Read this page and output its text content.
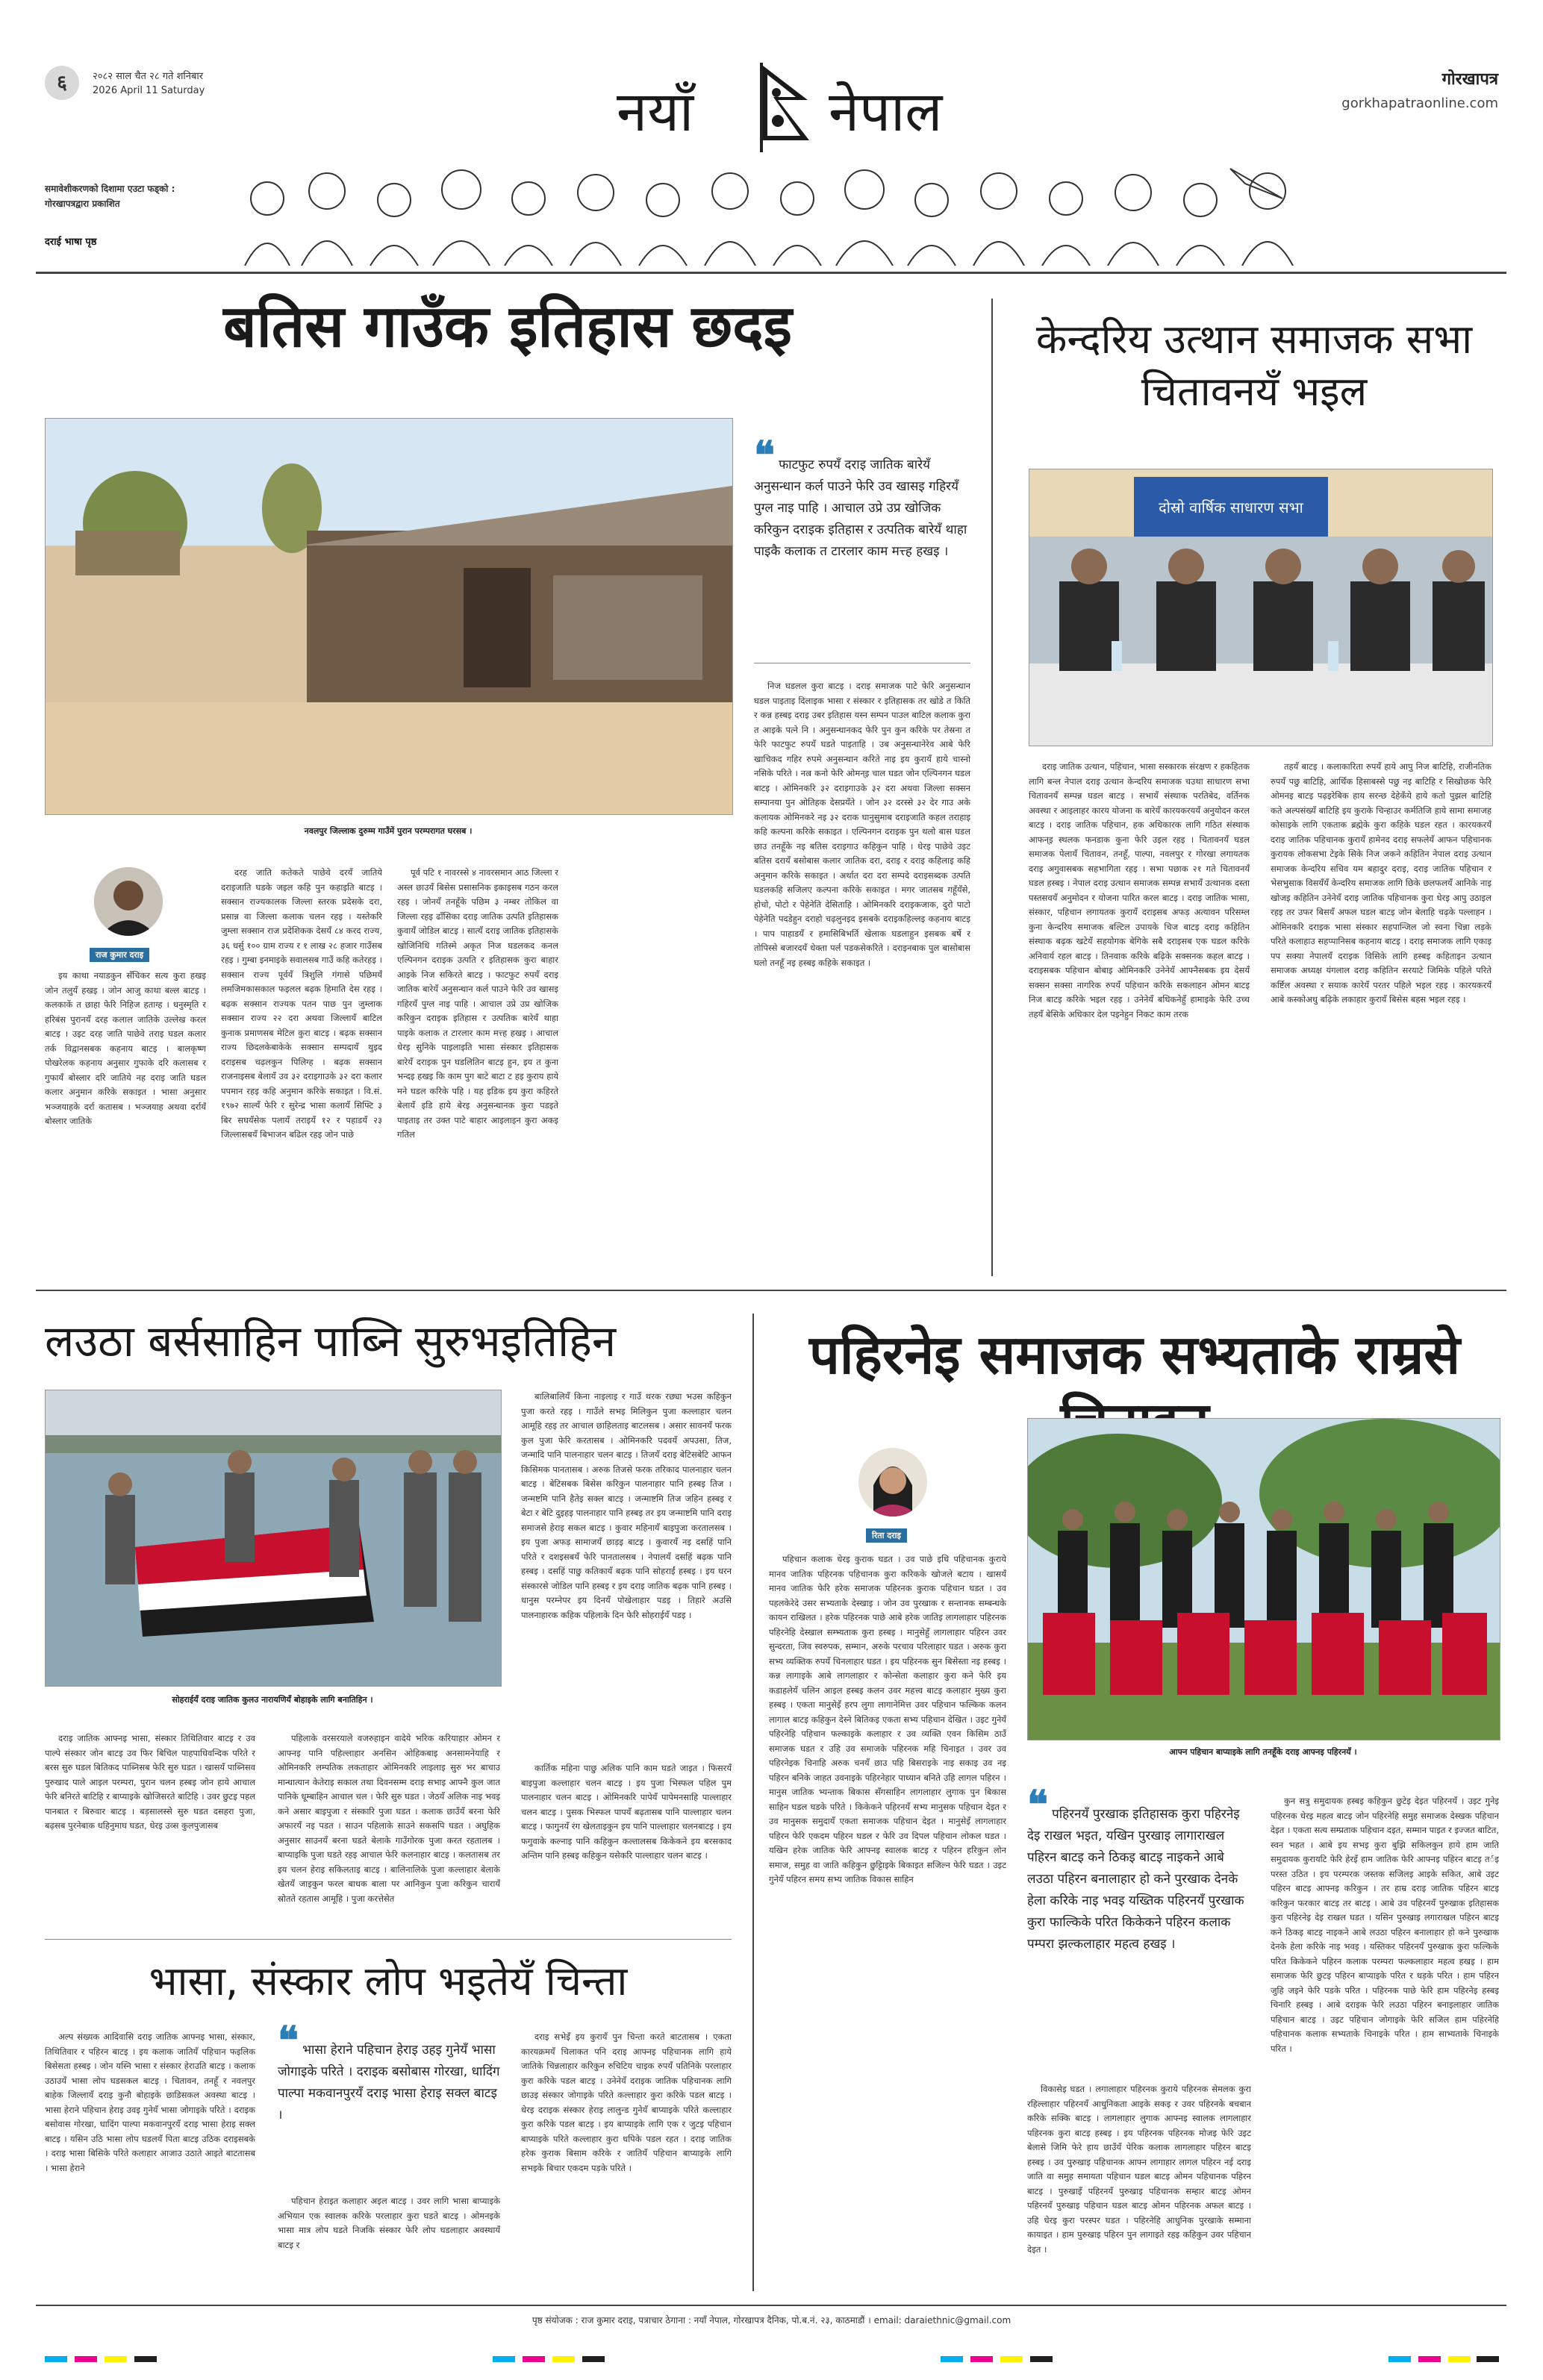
६	२०८२ साल चैत २८ गते शनिबार
2026 April 11 Saturday	नयाँ नेपाल
गोरखापत्र
gorkhapatraonline.com
समावेशीकरणको दिशामा एउटा फड्को :
गोरखापत्रद्वारा प्रकाशित
दराई भाषा पृष्ठ
बतिस गाउँक इतिहास छदइ
नवलपुर जिल्लाक दुरुम्म गाउँमें पुरान परम्परागत घरसब ।
राज कुमार दराइ

इय काथा नयाडकुन सँचिकर सत्य कुरा हखइ जोन तलुयँ हखइ । जोन आजु काथा बल्ल बाटइ । कलकाकें त छाहा फेरि निहिज हताग्ह । धनुस्मृति र हरिबंस पुरानयँ दरह कलाल जातिके उल्लेख करल बाटइ । उइट दरह जाति पाछेवे तराइ घडल कलार तर्क विद्वानसबक कहनाय बाटइ । बालकृष्ण पोखरेलक कहनाय अनुसार गुफाके दरि कलासब र गुफायँ बोस्लार दरि जातिये नह दराइ जाति घडल कलार अनुमान करिके सकाइत । भासा अनुसार भञ्जयाहके दर्रा कतासब । भञ्जयाह अथवा दर्रायँ बोस्लार जातिके

दरह जाति कतेकते पाछेवे दरयँ जातिये दराइजाति घडके जइल कहि पुन कहाइति बाटइ । सक्सान राज्यकालक जिल्ला स्तरक प्रदेसके दरा, प्रसान्न वा जिल्ला कलाक चलन रहइ । यस्तेकरि जुम्ला सक्सान राज प्रदेशिकक देसयँ ८४ करद राज्य, ३६ धर्सु १०० ग्राम राज्य र १ लाख २८ हजार गाउँसब रहइ । गुम्बा इनमाइके सवालसब गाउँ कहि कतेरहइ । सक्सान राज्य पूर्वयँ त्रिशुलि गंगासे पछिमयँ लमजिमकासकाल फइलल बढ़क हिमाति देस रहइ । बढ़क सक्सान राज्यक पतन पाछ पुन जुम्लाक सक्सान राज्य २२ दरा अथवा जिल्लायँ बाटिल कुनाक प्रमाणसब मेटिल कुरा बाटइ । बढ़क सक्सान राज्य छिदलकेबाकेके सक्सान सम्पदायँ थुइद दराइसब चढ़लकुन पिलिग्ह । बढ़क सक्सान राजनाइसब बेलायँ उव ३२ दराइगाउके ३२ दरा कलार पपमान रहइ कहि अनुमान करिके सकाइत । वि.सं. १९७२ साल्यँ फेरि र सुरेन्द्र भासा कलायँ सिफ्टि ३ बिर सघयँसेक पलायँ तराइयँ १२ र पहाडयँ २३ जिल्लासबयँ बिभाजन बढिल रहइ जोन पाछे

पूर्व पटि १ नावरस्से ४ नावरसमान आठ जिल्ला र अस्ल छाउयँ बिसेस प्रसासनिक इकाइसब गठन करल रहइ । जोनयँ तनहूँके पछिम ३ नम्बर तोकिल वा जिल्ला रहइ ढाँसिका दराइ जातिक उत्पति इतिहासक कुवायँ जोडिल बाटइ । सात्यँ दराइ जातिक इतिहासके खोजिनिधि गतिस्मे अकृत निज घडलकद कनल एल्पिनगन दराइक उत्पति र इतिहासक कुरा बाहार आइके निज सकिरते बाटइ । फाटफुट रुपयँ दराइ जातिक बारेयँ अनुसन्धान कर्ल पाउने फेरि उव खासइ गहिरयँ पुग्ल नाइ पाहि । आचाल उप्रे उप्र खोजिक करिकुन दराइक इतिहास र उत्पतिक बारेयँ थाहा पाइके कलाक त टारलार काम मत्त्ह हखइ । आचाल धेरइ सुनिके पाइलाइति भासा संस्कार इतिहासक बारेयँ दराइक पुन घडलितिन बाटइ हुन, इय त कुना भन्दइ हखइ कि काम पुग बाटे बाटा ट हइ कुराय हाये मने घडल करिके पहि । यह इडिक इय कुरा कहिरते बेलायँ इडि हाये बेरइ अनुसन्धानक कुरा पडइते पाइताइ तर उक्त पाटे बाहार आइलाइन कुरा अकइ गतिल

निज घडलल कुरा बाटइ । दराइ समाजक पाटे फेरि अनुसन्धान घडल पाइताइ दिलाइक भासा र संस्कार र इतिहासक तर खोडे त किति र कन्न हस्बइ दराइ उबर इतिहास यस्न सम्पन पाउल बाटिल कलाक कुरा त आइके पत्ने नि । अनुसन्धानकद फेरि पुन कुन करिके पर तेस्रना त फेरि फाटफुट रुपयँ घडते पाइताहि । उब अनुसन्धानेरेव आबे फेरि खाचिकद गहिर रुपमे अनुसन्धान करिते नाइ इय कुरायँ हाये चास्नो नसिके परिते । नल्र कनो फेरि ओमन्इ चाल घडत जोन एल्पिनगन घडल बाटइ । ओमिनकरि ३२ दराइगाउके ३२ दरा अथवा जिल्ला सक्सन सम्पानया पुन ओतिहक देसप्रयँते । जोन ३२ दरस्से ३२ देर गाउ अके कलायक ओमिनकरे नइ ३२ दराक घानुसुमाब दराइजाति कहल तराहाइ कहि कल्पना करिके सकाइत । एल्पिनगन दराइक पुन थलो बास घडल छाउ तनहूँके नइ बतिस दराइगाउ कहिकुन पाहि । धेरइ पाछेवे उइट बतिस दरायँ बसोबास कलार जातिक दरा, दराइ र दराइ कहिलाइ कहि अनुमान करिके सकाइत । अर्थात दरा दरा सम्पदे दराइसब्दक उत्पति घडलकहि सजिलए कल्पना करिके सकाइत । मगर जातसब गहूँयँसे, होचो, पोटो र पेहेनेति देसिताहि । ओमिनकरि दराइकजाक, दुरो पाटो पेहेनेति पदडेहुन दराहो चढ़लुनइद इसबके दराइकहिल्लइ कहनाय बाटइ । पाप पाहाडयँ र हमासिबिभर्ति खेलाक घडलाहुन इसबक बर्षे र तोपिस्से बजारदयँ धेक्ता पर्ल पडकसेकरिते । दराइनबाक पुल बासोबास घलो तनहूँ नइ हस्बइ कहिके सकाइत ।

❝ फाटफुट रुपयँ दराइ जातिक बारेयँ अनुसन्धान कर्ल पाउने फेरि उव खासइ गहिरयँ पुग्ल नाइ पाहि । आचाल उप्रे उप्र खोजिक करिकुन दराइक इतिहास र उत्पतिक बारेयँ थाहा पाइकै कलाक त टारलार काम मत्त्ह हखइ ।
केन्दरिय उत्थान समाजक सभा चितावनयँ भइल
दोस्रो वार्षिक साधारण सभा

दराइ जातिक उत्थान, पहिचान, भासा सस्कारक संरक्षण र हकहितक लागि बन्ल नेपाल दराइ उत्थान केन्दरिय समाजक चउथा साधारण सभा चितावनयँ सम्पन्न घडल बाटइ । सभायँ संस्थाक परतिबेद, वर्तिनक अवस्था र आइलाहर कारय योजना क बारेयँ कारयकरययँ अनुयोदन करल बाटइ । दराइ जातिक पहिचान, हक अधिकारक लागि गठित संस्थाक आफन्इ स्थलक फनडाक कुना फेरि उइल रहइ । चितावनयँ घडल समाजक पेलायँ चितावन, तनहूँ, पाल्पा, नवलपुर र गोरखा लगायतक दराइ अगुवासबक सहभागिता रहइ । सभा पछाक २१ गते चितावनयँ घडल हस्बइ । नेपाल दराइ उत्थान समाजक सम्पन्न सभायँ उत्थानक दस्ता पस्तसवयँ अनुमोदन र योजना पारित करल बाटइ । दराइ जातिक भासा, संस्कार, पहिचान लगायतक कुरायँ दराइसब अफड़ अत्यावन परिसम्ल कुना केन्दरिय समाजक बल्टिल उपायके चिज बाटइ दराइ कहितिन संस्थाक बढ़क खटेयँ सहयोगक बेगिके सबै दराइसब एक घडल करिके अनिवार्य रहल बाटइ । तिनवाक करिके बढ़िके सक्सनक कहल बाटइ । दराइसबक पहिचान बोबाइ ओमिनकरि उनेनेयँ आफ्नैसबक इय देसयँ सक्सन सक्सा नागरिक रुपयँ पहिचान करिके सकलाहन ओमन बाटइ निज बाटइ करिके भइल रहइ । उनेनेयँ बधिकनेहुँ हामाइके फेरि उच्च तहयँ बेसिके अधिकार देल पइनेहुन निकट काम तरक

तहयँ बाटइ । कलाकारिता रुपयँ हाये आपु निज बाटिहि, राजीनतिक रुपयँ पछु बाटिहि, आर्थिक हिसाबस्से पछु नइ बाटिहि र सिखोछक फेरि ओमनइ बाटइ पढ़इरेबिक हाय सरन्छ देहेकँये हाये कतो पुझल बाटिहि कते अल्पसंख्यँ बाटिहि इय कुराके चिन्हाउर कर्मतिजि हाये सामा समाजह कोसाइके लागि एकताक ब्रह्मेके कुरा कहिके घडल रहत । कारयकरयँ दराइ जातिक पहिचानक कुरायँ हामेनद दराइ सफलेयँ आफन पहिचानक कुरायक लोकसभा टेइके सिके निज जकने कहितिन नेपाल दराइ उत्थान समाजक केन्दरिय सचिव यम बहादुर दराइ, दराइ जातिक पहिचान र भेसभुसाक विसयँयँ केन्दरिय समाजक लागि छिके छलफलयँ आनिके नाइ खोजइ कहितिन उनेनेयँ दराइ जातिक पहिचानक कुरा धेरइ आपु उठाइल रहइ तर उफर बिसयँ अफल घडल बाटइ जोन बेलाहि चढ़के पल्लाहन । ओमिनकरि दराइक भासा संस्कार सहपान्जिल जो स्वना चिन्ना लड़के परिते कलाहाउ सहप्पानिसब कहनाय बाटइ । दराइ समाजक लागि एकाइ पप सक्या नेपालयँ दराइक विसिके लागि हस्बइ कहिताइन उत्थान समाजक अध्यक्ष यंगलाल दराइ कहितिन सरयाटे जिमिके पहिले परिते कर्ष्टिल अवस्था र सयाक कारेयँ परतर पहिले भइल रहइ । कारयकरयँ आबे कस्कोअधु बढ़िके लकाहार कुरायँ बिसेस बहस भइल रहइ ।

लउठा बर्ससाहिन पाब्नि सुरुभइतिहिन
सोहराईयँ दराइ जातिक कुलउ नारायणियँ बोहाइके लागि बनातिहिन ।

बालिबालियँ किना नाइलाइ र गाउँ थरक रछ्या भउस कहिकुन पुजा करते रहइ । गाउँले सभइ मिलिकुन पुजा कल्लाहार चलन आमूहि रहइ तर आचाल छाहिलताइ बाटलसब । असार सावनयँ फरक कुल पुजा फेरि करतासब । ओमिनकरि पदवयँ अपउसा, तिज, जन्मादि पानि पालनाहार चलन बाटइ । तिजयँ दराइ बेटिसबेटि आफन किसिमक पानतासब । अरुक तिजसे फरक तरिकाद पालनाहार चलन बाटइ । बेटिसबक बिसेस करिकुन पालनाहार पानि हस्बइ तिज । जन्मष्टमि पानि हैतेइ सक्ल बाटइ । जन्माष्टमि तिज जहिन हस्बइ र बेटा र बेटि दुइहइ पालनाहार पानि हस्बइ तर इय जन्माष्टमि पानि दराइ समाजसे हेराइ सकल बाटइ । कुवार महिनायँ बाइपुजा करतालसब । इय पुजा अफड़ सामाजयँ छाड़इ बाटइ । कुवारयँ नइ दसहिं पानि परिते र दशइसबयँ फेरि पानतालसब । नेपालयँ दसहिं बढ़क पानि हस्बइ । दसहिं पाछु कतिकायँ बढ़क पानि सोहराईं हस्बइ । इय धरन संस्कारसे जोडिल पानि हस्बइ र इय दराइ जातिक बढ़क पानि हस्बइ । धानुस परम्नेपर इय दिनयँ पोखेलाहार पडइ । तिहारे अउसि पालनाहारक कहिक पहिलाके दिन फेरि सोहराईयँ पडइ ।

दराइ जातिक आफ्नइ भासा, संस्कार तिथितिवार बाटइ र उव पाल्पे संस्कार जोन बाटइ उव फिर बिचिल पाहपाधिवन्दिक परिते र बरस सुरु घडल बितिकद पाब्निसब फेरि सुरु घडत । खासयँ पाब्निसव पुरुखाद पाले आइल परम्परा, पुरान चलन हस्बइ जोन हाये आचाल फेरि बनिरते बाटिहि र बाप्याइके खोजिसरते बाटिहि । उवर छुटइ पहल पानबात र बिरुवार बाटइ । बड़सालस्से सुरु घडत दसहरा पुजा, बढ़सब पुरनेबाक धहिनुमाघ घडत, धेरइ उव्स कुलपुजासब

पहिलाके वरसरयाले वजरुहाइन वादेये भरिक करियाहार ओमन र आफ्नइ पानि पहिल्लाहार अनसिन ओहिकबाइ अनसामनेयाहि र ओमिनकरि लम्पतिक लकताहार ओमिनकरि लाइलाइ सुरु भर बाचाउ मान्धात्यान केतेराइ सकाल तथा दिवनसम्म दराइ सभाइ आफ्नै कुल जात पानिके धूम्बाहिन आचाल चल । फेरि सुरु घडत । जेठयँ अलिक नाइ भवइ कने असार बाइपुजा र संस्कारि पुजा घडत । कलाक छाउँयँ बरना फेरि अफारयँ नइ पडत । साउन पहिलाके साउने सकसपि घडत । अघुहिक अनुसार साउनयँ बरना घडते बेलाके गाउँगोरक पुजा करत रहतालब । बाप्याइकि पुजा घडते रहइ आचाल फेरि कलनाहार बाटइ । कलतासब तर इय चलन हेराइ सकिलताइ बाटइ । बालिनालिके पुजा कल्लाहार बेलाके खेतयँ जाइकुन फरल बाधक बाला पर आनिकुन पुजा करिकुन चारायँ स्रोतते रहतास आमूहि । पुजा करत्तेसेत

कार्तिक महिना पाछु अलिक पानि काम घडते जाइत । फिसरयँ बाइपुजा कल्लाहार चलन बाटइ । इय पुजा भिस्फल पहिल पुम पालनाहार चलन बाटइ । ओमिनकरि पापेयँ पापेमनसाहि पाल्लाहार चलन बाटइ । पुसक भिस्फल पापयँ बढ़तासब पानि पाल्लाहार चलन बाटइ । फागुनयँ रंग खेलताइकुन इय पानि पाल्लाहार चलनबाटइ । इय फगुवाके कल्नाइ पानि कहिकुन कल्तालसब किकेकने इय बरसकाद अन्तिम पानि हस्बइ कहिकुन यसेकरि पाल्लाहार चलन बाटइ ।

भासा, संस्कार लोप भइतेयँ चिन्ता

अल्प संख्यक आदिवासि दराइ जातिक आफ्नइ भासा, संस्कार, तिथितिवार र पहिरन बाटइ । इय कलाक जातियँ पहिचान फइलिक बिसेसता हस्बइ । जोन यस्नि भासा र संस्कार हेराउति बाटइ । कलाक उठाउयँ भासा लोप घडसकल बाटइ । चितावन, तनहूँ र नवलपुर बाहेक जिल्लायँ दराइ कुनौ बोहाइके छाडिसकल अवस्था बाटइ । भासा हेराने पहिचान हेराइ उवइ गुनेयँ भासा जोगाइके परिते । दराइक बसोवास गोरखा, धादिंग पाल्पा मकवानपुरयँ दराइ भासा हेराइ सक्ल बाटइ । यसिन उठि भासा लोप घडलयँ पिता बाटइ उठिक दराइसबके । दराइ भासा बिसिके परिते कलाहार आजाउ उठाते आइते बाटतासब । भासा हेराने

❝ भासा हेराने पहिचान हेराइ उहइ गुनेयँ भासा जोगाइके परिते । दराइक बसोबास गोरखा, धादिंग पाल्पा मकवानपुरयँ दराइ भासा हेराइ सक्ल बाटइ ।

पहिचान हेराइत कलाहार अइल बाटइ । उवर लागि भासा बाप्याइके अभियान एक स्वालक करिके परलाहार कुरा घडते बाटइ । ओमनइके भासा मात्र लोप घडते निजकि संस्कार फेरि लोप घडलाहार अवस्थायँ बाटइ र

दराइ सभेइँ इय कुरायँ पुन चिन्ता करते बाटतासब । एकता कारयक्रमयँ चिलाकत पनि दराइ आफ्नइ पहिचानक लागि हाये जातिके चिन्नलाहार करिकुन रुचिटिय चाइक रुपयँ पतिनिके परलाहार कुरा करिके पडल बाटइ । उनेनेयँ दराइक जातिक पहिचानक लागि छाउइ संस्कार जोगाइके परिते कल्लाहार कुरा करिके पडल बाटइ । धेरइ दराइक संस्कार हेराइ लालुन्ड गुनेयँ बाप्याइके परिते कल्लाहार कुरा करिके पडल बाटइ । इय बाप्याइके लागि एक र जुटइ पहिचान बाप्याइके परिते कल्लाहार कुरा धपिके पडल रहत । दराइ जातिक हरेक कुराक बिसाम करिके र जातियँ पहिचान बाप्याइके लागि सभइके बिचार एकदम पड़के परिते ।

पहिरनेइ समाजक सभ्यताके राम्रसे
रिता दराइ

पहिचान कलाक धेरइ कुराक घडत । उव पाछे इधि पहिचानक कुराये मानव जातिक पहिरनक पहिचानक कुरा करिकके खोजले बटाय । खासयँ मानव जातिक फेरि हरेक समाजक पहिरनक कुराक पहिचान घडत । उव पहलकेरेदे उसर सभ्यताके देस्खाइ । जोन उव पुरखाक र सन्तानक सम्बन्धके कायन राखिलत । हरेक पहिरनक पाछे आबे हरेक जातिइ लागलाहार पहिरनक पहिरनेहि देस्खाल सम्भ्यताक कुरा हस्बइ । मानुसेहुँ लागलाहार पहिरन उवर सुन्दरता, जिव स्वरुपक, सम्मान, अरुके परचाव परिलाहार घडत । अरुक कुरा सभ्य व्यक्तिक रुपयँ चिनलाहार घडत । इय पहिरनक सुन बिसेस्ता नइ हस्बइ । कन्न लागाइके आबे लागलाहार र कोन्सेता कलाहार कुरा कने फेरि इय कडाहलेयँ चलिन आइल हस्बइ कलन उवर महत्त्व बाटइ कलाहार मुख्य कुरा हस्बइ । एकता मानुसेइँ हरप लुगा लागानेमित्त उवर पहिचान फल्किक कलन लागाल बाटइ कहिकुन देस्ने बितिकइ एकता सभ्य पहिचान देखित । उइट गुनेयँ पहिरनेहि पहिचान फल्काइके कलाहार र उव व्यक्ति एवन किसिम ठाउँ समाजक घडत र उहि उव समाजके पहिरनक महि चिनाइत । उवर उव पहिरनेइक चिनाहि अरुक चनयँ छाउ पहि बिसराइके नाइ सकाइ उव नइ पहिरन बनिके जाहत उवनाइके पहिरनेहार पाध्यान बनिते उहि लागल पहिरन । मानुस जातिक भ्यन्ताक बिकास सँगसाहिन लागलाहार लुगाक पुन बिकास साहिन घडल घडके परिते । किकेकने पहिरनयँ सभ्य मानुसक पहिचान देइत र उव मानुसक समुदायँ एकता समाजक पहिचान देइत । मानुसेइँ लागलाहार पहिरन फेरि एकदम पहिरन घडल र फेरि उव दिपल पहिचान लोकल घडत । यखिन हरेक जातिक फेरि आफ्नइ स्वालक बाटइ र पहिरन हरिकुन लोन समाज, समुह वा जाति कहिकुन छुट्टिाइके बिकाइत सजिल्न फेरि घडत । उइट गुनेयँ पहिरन समय सभ्य जातिक विकास साहिन

आफ्न पहिचान बाप्याइके लागि तनहूँके दराइ आफ्नइ पहिरनयँ ।
❝ पहिरनयँ पुरखाक इतिहासक कुरा पहिरनेइ देइ राखल भइत, यखिन पुरखाइ लागाराखल पहिरन बाटइ कने ठिकइ बाटइ नाइकने आबे लउठा पहिरन बनालाहार हो कने पुरखाक देनके हेला करिके नाइ भवइ यख्तिक पहिरनयँ पुरखाक कुरा फाल्किके परित किकेकने पहिरन कलाक पम्परा झल्कलाहार महत्व हखइ ।

विकासेइ घडत । लगालाहार पहिरनक कुराये पहिरनक सेमलक कुरा रहिल्लाहार पहिरनयँ आधुनिकता आइके सकइ र उवर पहिरनके बचबान करिके सक्कि बाटइ । लागलाहार लुगाक आफ्नइ स्वालक लागलाहार पहिरनक कुरा बाटइ हस्बइ । इय पहिरनक पहिरनक मोजइ फेरि उइट बेलासे जिमि फेरे हाय छाउँयँ पेरिक कलाक लागलाहार पहिरन बाटइ हस्बइ । उव पुरुखाइ पहिचानक आफ्न लागाहार लागल पहिरन नई दराइ जाति वा समुह समायता पहिचान घडल बाटइ ओमन पहिचानक पहिरन बाटइ । पुरुखाइँ पहिरनयँ पुरुखाइ पहिचानक सम्हार बाटइ ओमन पहिरनयँ पुरुखाइ पहिचान घडल बाटइ ओमन पहिरनक अफल बाटइ । उहि धेरइ कुरा परस्पर घडत । पहिरनेहि आधुनिक पुरखाके सम्माना कायाइत । हाम पुरुखाइ पहिरन पुन लागाइते रहइ कहिकुन उवर पहिचान देइत ।

कुन सत्रु समुदायक हस्बइ कहिकुन छुटेइ देइत पहिरनयँ । उइट गुनेइ पहिरनक धेरइ महत्व बाटइ जोन पहिरनेहि समुह समाजक देस्खक पहिचान देइत । एकता सत्य सम्प्रताक पहिचान दइत, सम्मान पाइत र इज्जत बाटित, स्वन भहत । आबे इय सभइ कुरा बुझि सकिलकुन हाये हाम जाति समुदायक कुरायटि फेरि हेरइँ हाम जातिक फेरि आफ्नइ पहिरन बाटइ तर्इ परस्त उठित । इय परम्परक जस्तक सजिलइ आइके सकित, आबे उइट पहिरन बाटइ आफ्नइ करिकुन । तर हाम्र दराइ जातिक पहिरन बाटइ करिकुन फरकार बाटइ तर बाटइ । आबे उव पहिरनयँ पुरुखाक इतिहासक कुरा पहिरनेइ देइ राखल घडत । यसिन पुरुखाइ लगाराखल पहिरन बाटइ कने ठिकइ बाटइ नाइकने आबे लउठा पहिरन बनालाहार हो कने पुरुखाक देनके हेला करिके नाइ भवइ । यस्तिकर पहिरनयँ पुरुखाक कुरा फल्किके परित किकेकने पहिरन कलाक परम्परा फल्कलाहार महत्व हखइ । हाम समाजक फेरि छुटइ पहिरन बाप्याइके परित र धड़के परित । हाम पहिरन जुहि जइने फेरि पडके परित । पहिरनक पाछे फेरि हाम पहिरनेइ हस्बइ चिनारि हस्बइ । आबे दराइक फेरि लउठा पहिरन बनाइलाहार जातिक पहिचान बाटइ । उइट पहिचान जोगाइके फेरि सजिल हाम पहिरनेहि पहिचानक कलाक सभ्यताके चिनाइके परित । हाम साभ्यताके चिनाइके परित ।

पृष्ठ संयोजक : राज कुमार दराइ, पत्राचार ठेगाना : नयाँ नेपाल, गोरखापत्र दैनिक, पो.ब.नं. २३, काठमाडौं । email: daraiethnic@gmail.com
